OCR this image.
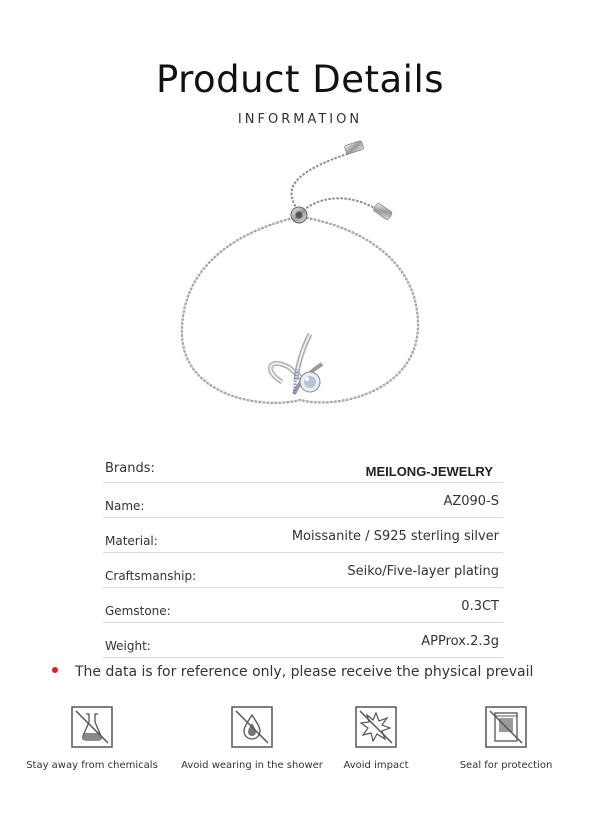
Product Details
INFORMATION
Brands:	MEILONG-JEWELRY
Name:	AZ090-S
Material:	Moissanite / S925 sterling silver
Craftsmanship:	Seiko/Five-layer plating
Gemstone:	0.3CT
Weight:	APProx.2.3g
The data is for reference only, please receive the physical prevail
Stay away from chemicals	Avoid wearing in the shower	Avoid impact	Seal for protection
